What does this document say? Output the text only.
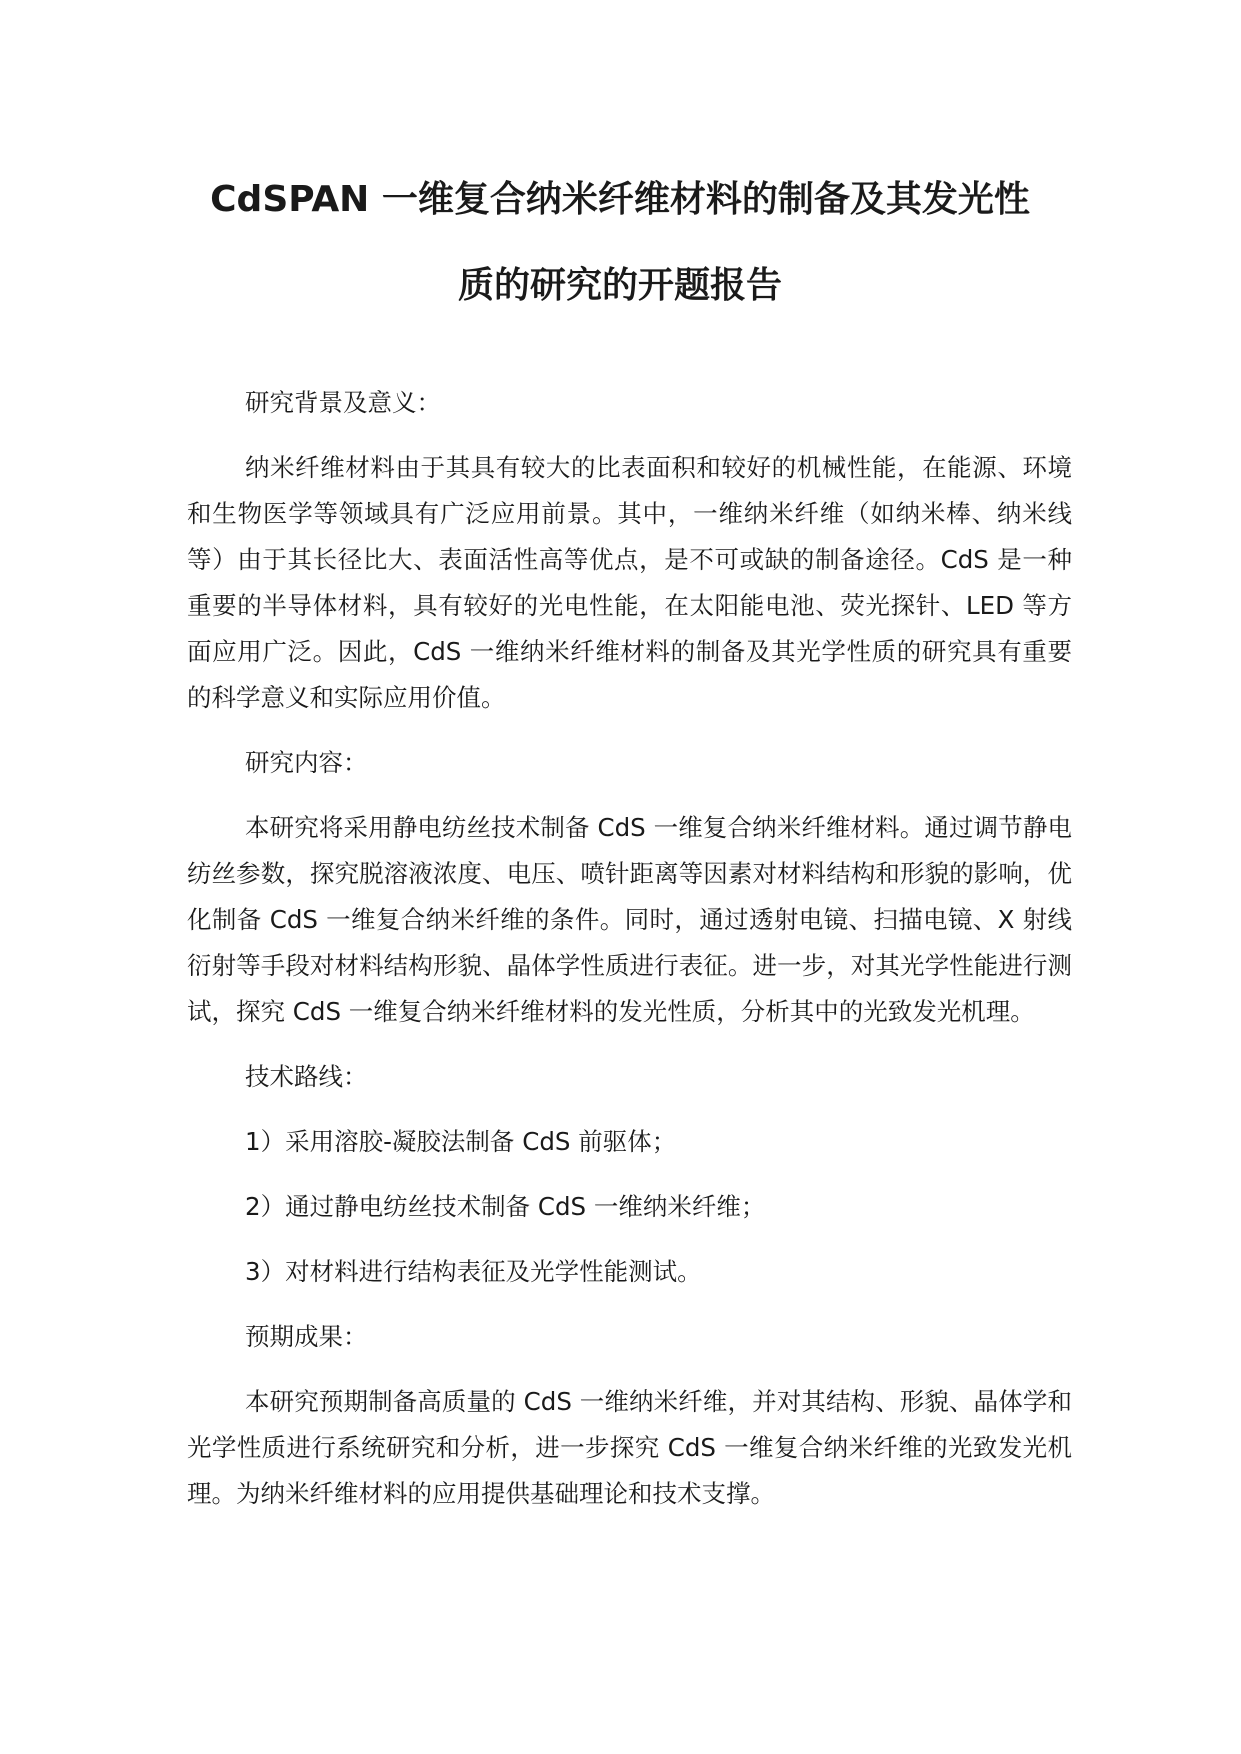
CdSPAN 一维复合纳米纤维材料的制备及其发光性
质的研究的开题报告
研究背景及意义：

纳米纤维材料由于其具有较大的比表面积和较好的机械性能，在能源、环境和生物医学等领域具有广泛应用前景。其中，一维纳米纤维（如纳米棒、纳米线等）由于其长径比大、表面活性高等优点，是不可或缺的制备途径。CdS 是一种重要的半导体材料，具有较好的光电性能，在太阳能电池、荧光探针、LED 等方面应用广泛。因此，CdS 一维纳米纤维材料的制备及其光学性质的研究具有重要的科学意义和实际应用价值。

研究内容：

本研究将采用静电纺丝技术制备 CdS 一维复合纳米纤维材料。通过调节静电纺丝参数，探究脱溶液浓度、电压、喷针距离等因素对材料结构和形貌的影响，优化制备 CdS 一维复合纳米纤维的条件。同时，通过透射电镜、扫描电镜、X 射线衍射等手段对材料结构形貌、晶体学性质进行表征。进一步，对其光学性能进行测试，探究 CdS 一维复合纳米纤维材料的发光性质，分析其中的光致发光机理。

技术路线：
1）采用溶胶-凝胶法制备 CdS 前驱体；
2）通过静电纺丝技术制备 CdS 一维纳米纤维；
3）对材料进行结构表征及光学性能测试。
预期成果：

本研究预期制备高质量的 CdS 一维纳米纤维，并对其结构、形貌、晶体学和光学性质进行系统研究和分析，进一步探究 CdS 一维复合纳米纤维的光致发光机理。为纳米纤维材料的应用提供基础理论和技术支撑。
